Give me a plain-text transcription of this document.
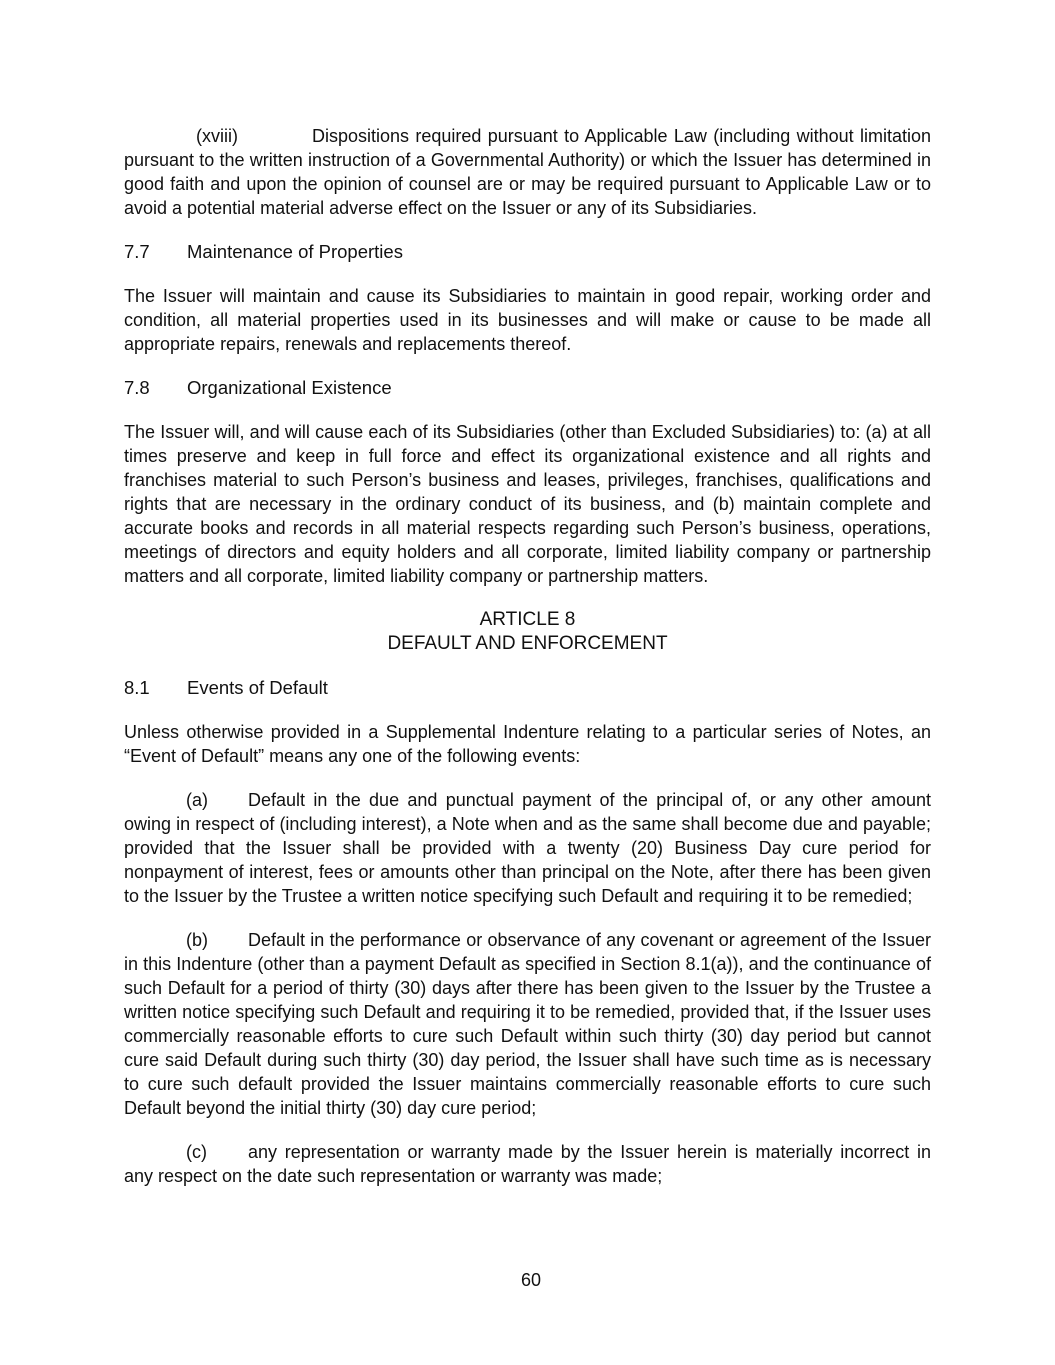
(xviii)	Dispositions required pursuant to Applicable Law (including without limitation pursuant to the written instruction of a Governmental Authority) or which the Issuer has determined in good faith and upon the opinion of counsel are or may be required pursuant to Applicable Law or to avoid a potential material adverse effect on the Issuer or any of its Subsidiaries.

7.7 Maintenance of Properties

The Issuer will maintain and cause its Subsidiaries to maintain in good repair, working order and condition, all material properties used in its businesses and will make or cause to be made all appropriate repairs, renewals and replacements thereof.

7.8 Organizational Existence

The Issuer will, and will cause each of its Subsidiaries (other than Excluded Subsidiaries) to: (a) at all times preserve and keep in full force and effect its organizational existence and all rights and franchises material to such Person’s business and leases, privileges, franchises, qualifications and rights that are necessary in the ordinary conduct of its business, and (b) maintain complete and accurate books and records in all material respects regarding such Person’s business, operations, meetings of directors and equity holders and all corporate, limited liability company or partnership matters and all corporate, limited liability company or partnership matters.

ARTICLE 8
DEFAULT AND ENFORCEMENT

8.1 Events of Default

Unless otherwise provided in a Supplemental Indenture relating to a particular series of Notes, an “Event of Default” means any one of the following events:

(a) Default in the due and punctual payment of the principal of, or any other amount owing in respect of (including interest), a Note when and as the same shall become due and payable; provided that the Issuer shall be provided with a twenty (20) Business Day cure period for nonpayment of interest, fees or amounts other than principal on the Note, after there has been given to the Issuer by the Trustee a written notice specifying such Default and requiring it to be remedied;

(b) Default in the performance or observance of any covenant or agreement of the Issuer in this Indenture (other than a payment Default as specified in Section 8.1(a)), and the continuance of such Default for a period of thirty (30) days after there has been given to the Issuer by the Trustee a written notice specifying such Default and requiring it to be remedied, provided that, if the Issuer uses commercially reasonable efforts to cure such Default within such thirty (30) day period but cannot cure said Default during such thirty (30) day period, the Issuer shall have such time as is necessary to cure such default provided the Issuer maintains commercially reasonable efforts to cure such Default beyond the initial thirty (30) day cure period;

(c) any representation or warranty made by the Issuer herein is materially incorrect in any respect on the date such representation or warranty was made;

60
